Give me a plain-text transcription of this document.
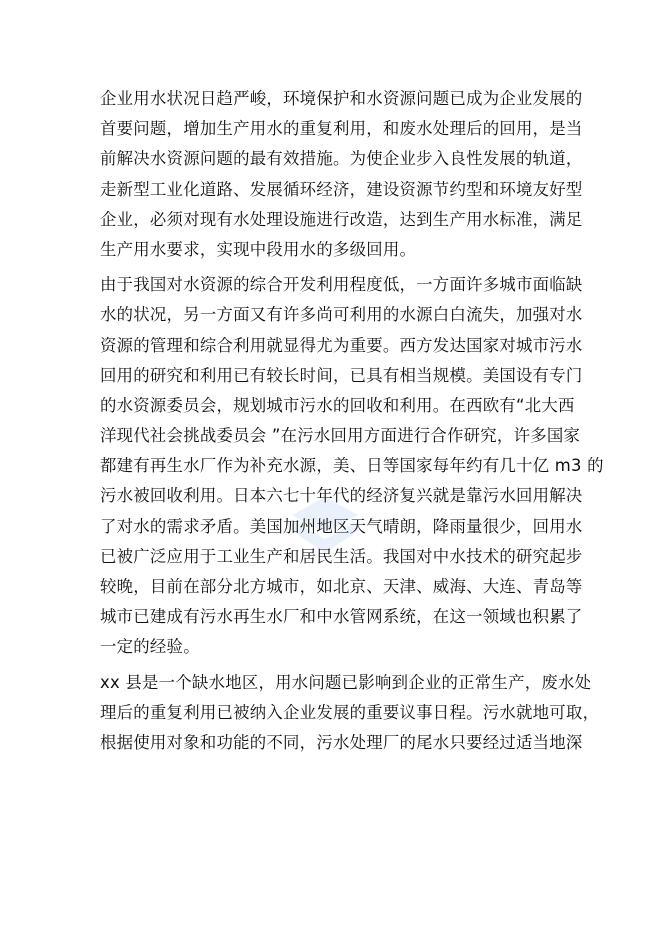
企业用水状况日趋严峻，环境保护和水资源问题已成为企业发展的
首要问题，增加生产用水的重复利用，和废水处理后的回用，是当
前解决水资源问题的最有效措施。为使企业步入良性发展的轨道，
走新型工业化道路、发展循环经济，建设资源节约型和环境友好型
企业，必须对现有水处理设施进行改造，达到生产用水标准，满足
生产用水要求，实现中段用水的多级回用。
由于我国对水资源的综合开发利用程度低，一方面许多城市面临缺
水的状况，另一方面又有许多尚可利用的水源白白流失，加强对水
资源的管理和综合利用就显得尤为重要。西方发达国家对城市污水
回用的研究和利用已有较长时间，已具有相当规模。美国设有专门
的水资源委员会，规划城市污水的回收和利用。在西欧有“北大西
洋现代社会挑战委员会 ”在污水回用方面进行合作研究，许多国家
都建有再生水厂作为补充水源，美、日等国家每年约有几十亿 m3 的
污水被回收利用。日本六七十年代的经济复兴就是靠污水回用解决
了对水的需求矛盾。美国加州地区天气晴朗，降雨量很少，回用水
已被广泛应用于工业生产和居民生活。我国对中水技术的研究起步
较晚，目前在部分北方城市，如北京、天津、威海、大连、青岛等
城市已建成有污水再生水厂和中水管网系统，在这一领域也积累了
一定的经验。
xx 县是一个缺水地区，用水问题已影响到企业的正常生产，废水处
理后的重复利用已被纳入企业发展的重要议事日程。污水就地可取，
根据使用对象和功能的不同，污水处理厂的尾水只要经过适当地深
